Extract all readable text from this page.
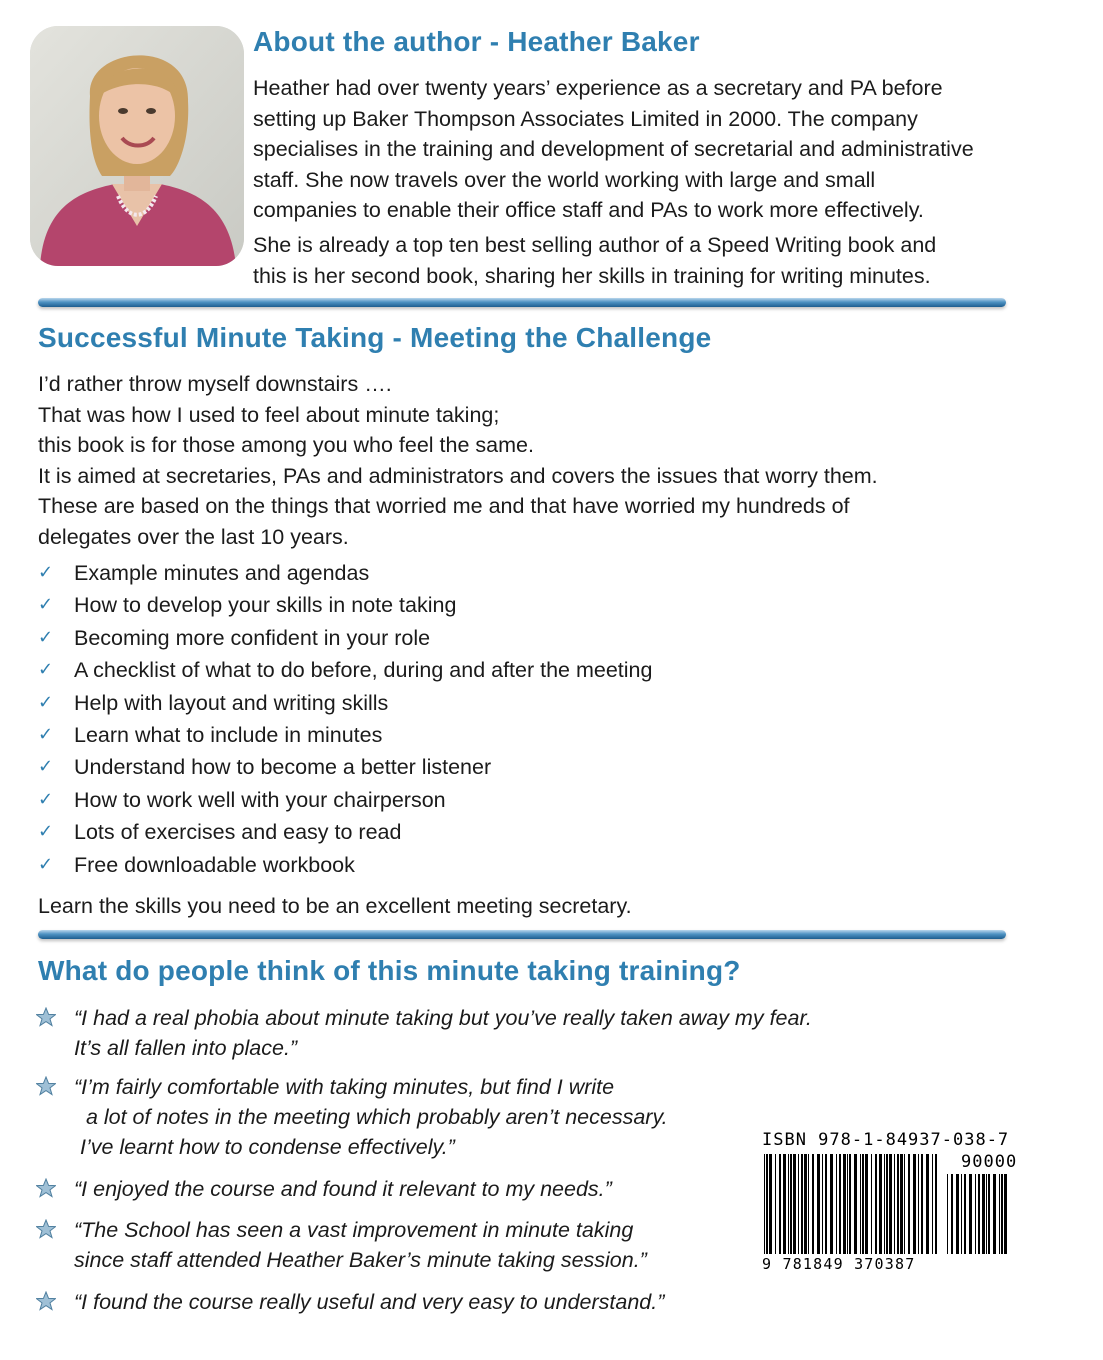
About the author - Heather Baker

Heather had over twenty years’ experience as a secretary and PA before

setting up Baker Thompson Associates Limited in 2000. The company

specialises in the training and development of secretarial and administrative

staff. She now travels over the world working with large and small

companies to enable their office staff and PAs to work more effectively.

She is already a top ten best selling author of a Speed Writing book and

this is her second book, sharing her skills in training for writing minutes.

Successful Minute Taking - Meeting the Challenge

I’d rather throw myself downstairs ….

That was how I used to feel about minute taking;

this book is for those among you who feel the same.

It is aimed at secretaries, PAs and administrators and covers the issues that worry them.

These are based on the things that worried me and that have worried my hundreds of

delegates over the last 10 years.

✓ Example minutes and agendas
✓ How to develop your skills in note taking
✓ Becoming more confident in your role
✓ A checklist of what to do before, during and after the meeting
✓ Help with layout and writing skills
✓ Learn what to include in minutes
✓ Understand how to become a better listener
✓ How to work well with your chairperson
✓ Lots of exercises and easy to read
✓ Free downloadable workbook
Learn the skills you need to be an excellent meeting secretary.
What do people think of this minute taking training?
“I had a real phobia about minute taking but you’ve really taken away my fear.
It’s all fallen into place.”
“I’m fairly comfortable with taking minutes, but find I write
a lot of notes in the meeting which probably aren’t necessary.
I’ve learnt how to condense effectively.”
“I enjoyed the course and found it relevant to my needs.”
“The School has seen a vast improvement in minute taking
since staff attended Heather Baker’s minute taking session.”
“I found the course really useful and very easy to understand.”
ISBN 978-1-84937-038-7
90000
9 781849 370387
